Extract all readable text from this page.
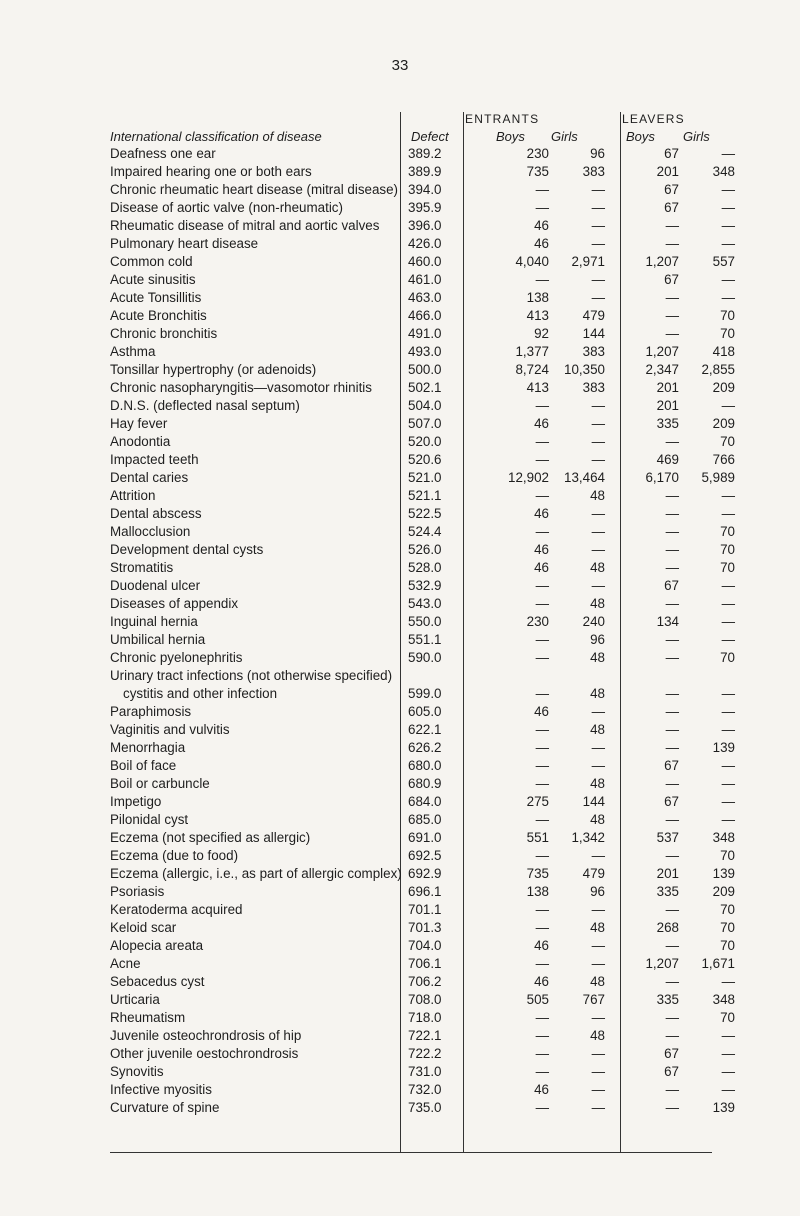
33
ENTRANTS	LEAVERS
International classification of disease	Defect	Boys Girls	Boys Girls
Deafness one ear	389.2	230	96	67	—
Impaired hearing one or both ears	389.9	735	383	201	348
Chronic rheumatic heart disease (mitral disease) 394.0	—	—	67	—
Disease of aortic valve (non-rheumatic)	395.9	—	—	67	—
Rheumatic disease of mitral and aortic valves 396.0	46	—	—	—
Pulmonary heart disease	426.0	46	—	—	—
Common cold	460.0	4,040	2,971	1,207	557
Acute sinusitis	461.0	—	—	67	—
Acute Tonsillitis	463.0	138	—	—	—
Acute Bronchitis	466.0	413	479	—	70
Chronic bronchitis	491.0	92	144	—	70
Asthma	493.0	1,377	383	1,207	418
Tonsillar hypertrophy (or adenoids)	500.0	8,724	10,350	2,347	2,855
Chronic nasopharyngitis—vasomotor rhinitis	502.1	413	383	201	209
D.N.S. (deflected nasal septum)	504.0	—	—	201	—
Hay fever	507.0	46	—	335	209
Anodontia	520.0	—	—	—	70
Impacted teeth	520.6	—	—	469	766
Dental caries	521.0	12,902	13,464	6,170	5,989
Attrition	521.1	—	48	—	—
Dental abscess	522.5	46	—	—	—
Mallocclusion	524.4	—	—	—	70
Development dental cysts	526.0	46	—	—	70
Stromatitis	528.0	46	48	—	70
Duodenal ulcer	532.9	—	—	67	—
Diseases of appendix	543.0	—	48	—	—
Inguinal hernia	550.0	230	240	134	—
Umbilical hernia	551.1	—	96	—	—
Chronic pyelonephritis	590.0	—	48	—	70
Urinary tract infections (not otherwise specified)
cystitis and other infection	599.0	—	48	—	—
Paraphimosis	605.0	46	—	—	—
Vaginitis and vulvitis	622.1	—	48	—	—
Menorrhagia	626.2	—	—	—	139
Boil of face	680.0	—	—	67	—
Boil or carbuncle	680.9	—	48	—	—
Impetigo	684.0	275	144	67	—
Pilonidal cyst	685.0	—	48	—	—
Eczema (not specified as allergic)	691.0	551	1,342	537	348
Eczema (due to food)	692.5	—	—	—	70
Eczema (allergic, i.e., as part of allergic complex) 692.9	735	479	201	139
Psoriasis	696.1	138	96	335	209
Keratoderma acquired	701.1	—	—	—	70
Keloid scar	701.3	—	48	268	70
Alopecia areata	704.0	46	—	—	70
Acne	706.1	—	—	1,207	1,671
Sebacedus cyst	706.2	46	48	—	—
Urticaria	708.0	505	767	335	348
Rheumatism	718.0	—	—	—	70
Juvenile osteochrondrosis of hip	722.1	—	48	—	—
Other juvenile oestochrondrosis	722.2	—	—	67	—
Synovitis	731.0	—	—	67	—
Infective myositis	732.0	46	—	—	—
Curvature of spine	735.0	—	—	—	139
